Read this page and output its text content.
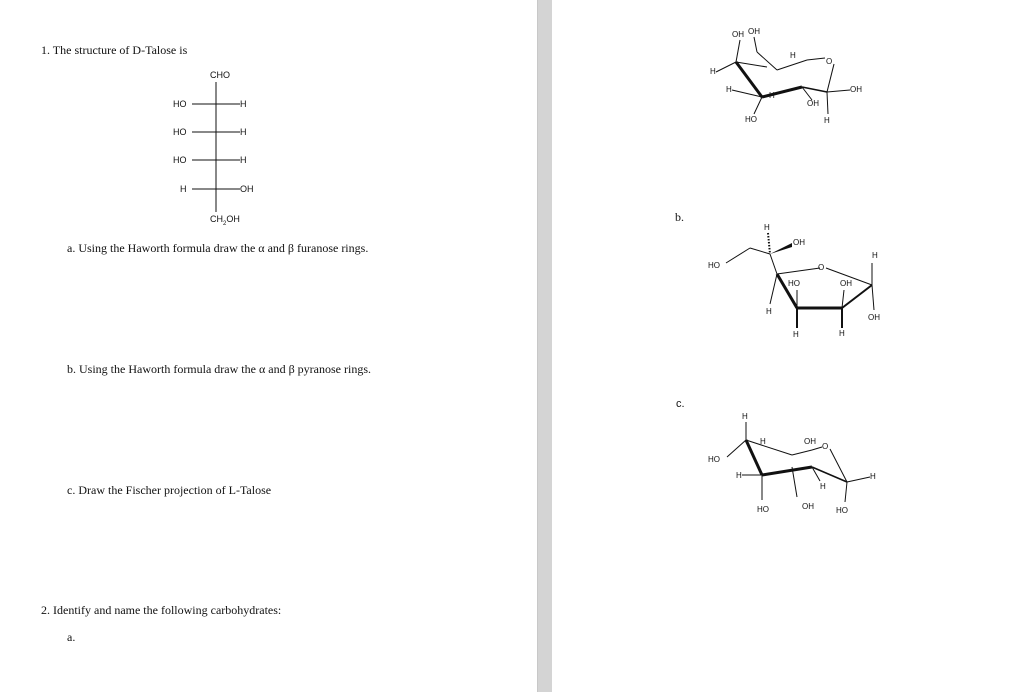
1. The structure of D-Talose is
CHO
HO	H
HO	H
HO	H
H	OH
$CH_2OH$
a. Using the Haworth formula draw the α and β furanose rings.
b. Using the Haworth formula draw the α and β pyranose rings.
c. Draw the Fischer projection of L-Talose
2. Identify and name the following carbohydrates:
a.
OH OH
H
O
H
H
H
OH
OH
HO	H
b.
H
OH
HO	O
H
OH
HO	OH
H
H	H
c.
H
HO
H
H
OH
O
H
HO
H
OH
HO
